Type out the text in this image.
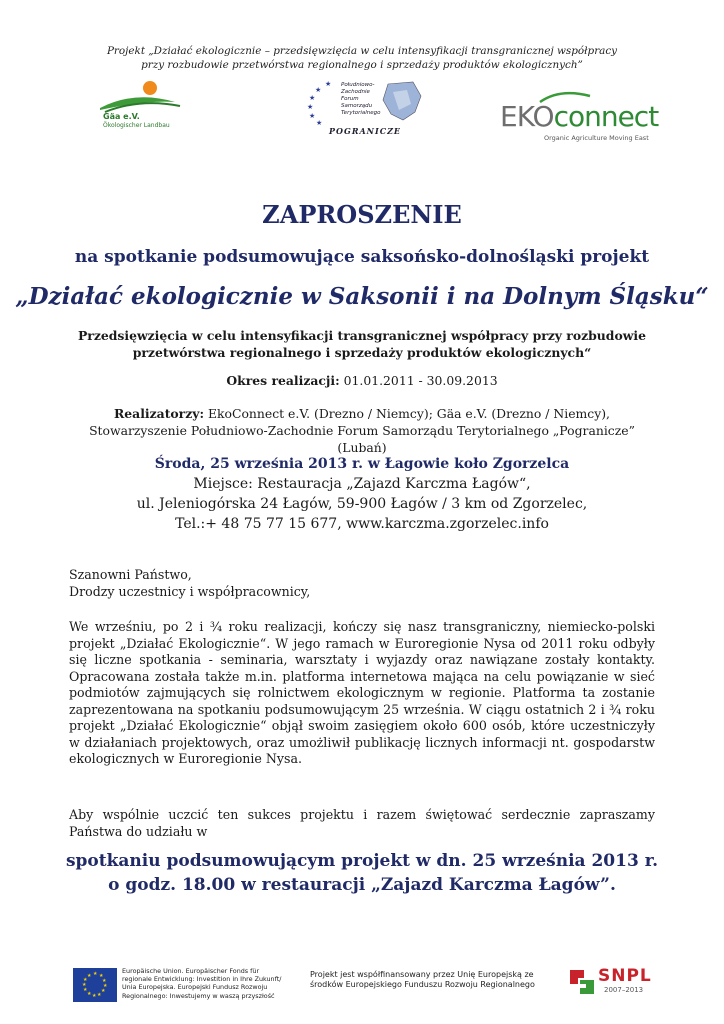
Projekt „Działać ekologicznie – przedsięwzięcia w celu intensyfikacji transgranicznej współpracy
przy rozbudowie przetwórstwa regionalnego i sprzedaży produktów ekologicznych”
Gäa e.V.
Ökologischer Landbau
★
★
★
★
★
★ Południowo-
Zachodnie
Forum
Samorządu
Terytorialnego
POGRANICZE	EKOconnect
Organic Agriculture Moving East
ZAPROSZENIE
na spotkanie podsumowujące saksońsko-dolnośląski projekt
„Działać ekologicznie w Saksonii i na Dolnym Śląsku“
Przedsięwzięcia w celu intensyfikacji transgranicznej współpracy przy rozbudowie przetwórstwa regionalnego i sprzedaży produktów ekologicznych“
Okres realizacji: 01.01.2011 - 30.09.2013
Realizatorzy: EkoConnect e.V. (Drezno / Niemcy); Gäa e.V. (Drezno / Niemcy), Stowarzyszenie Południowo-Zachodnie Forum Samorządu Terytorialnego „Pogranicze” (Lubań)
Środa, 25 września 2013 r. w Łagowie koło Zgorzelca
Miejsce: Restauracja „Zajazd Karczma Łagów“,
ul. Jeleniogórska 24 Łagów, 59-900 Łagów / 3 km od Zgorzelec,
Tel.:+ 48 75 77 15 677, www.karczma.zgorzelec.info
Szanowni Państwo,
Drodzy uczestnicy i współpracownicy,
We wrześniu, po 2 i ¾ roku realizacji, kończy się nasz transgraniczny, niemiecko-polski projekt „Działać Ekologicznie“. W jego ramach w Euroregionie Nysa od 2011 roku odbyły się liczne spotkania - seminaria, warsztaty i wyjazdy oraz nawiązane zostały kontakty. Opracowana została także m.in. platforma internetowa mająca na celu powiązanie w sieć podmiotów zajmujących się rolnictwem ekologicznym w regionie. Platforma ta zostanie zaprezentowana na spotkaniu podsumowującym 25 września. W ciągu ostatnich 2 i ¾ roku projekt „Działać Ekologicznie“ objął swoim zasięgiem około 600 osób, które uczestniczyły w działaniach projektowych, oraz umożliwił publikację licznych informacji nt. gospodarstw ekologicznych w Euroregionie Nysa.
Aby wspólnie uczcić ten sukces projektu i razem świętować serdecznie zapraszamy Państwa do udziału w
spotkaniu podsumowującym projekt w dn. 25 września 2013 r.
o godz. 18.00 w restauracji „Zajazd Karczma Łagów”.
★ ★
★
★
★
★
★
★
★
★
★
★
Europäische Union. Europäischer Fonds für
regionale Entwicklung: Investition in Ihre Zukunft/
Unia Europejska. Europejski Fundusz Rozwoju
Regionalnego: Inwestujemy w waszą przyszłość
Projekt jest współfinansowany przez Unię Europejską ze
środków Europejskiego Funduszu Rozwoju Regionalnego	SNPL
2007–2013
